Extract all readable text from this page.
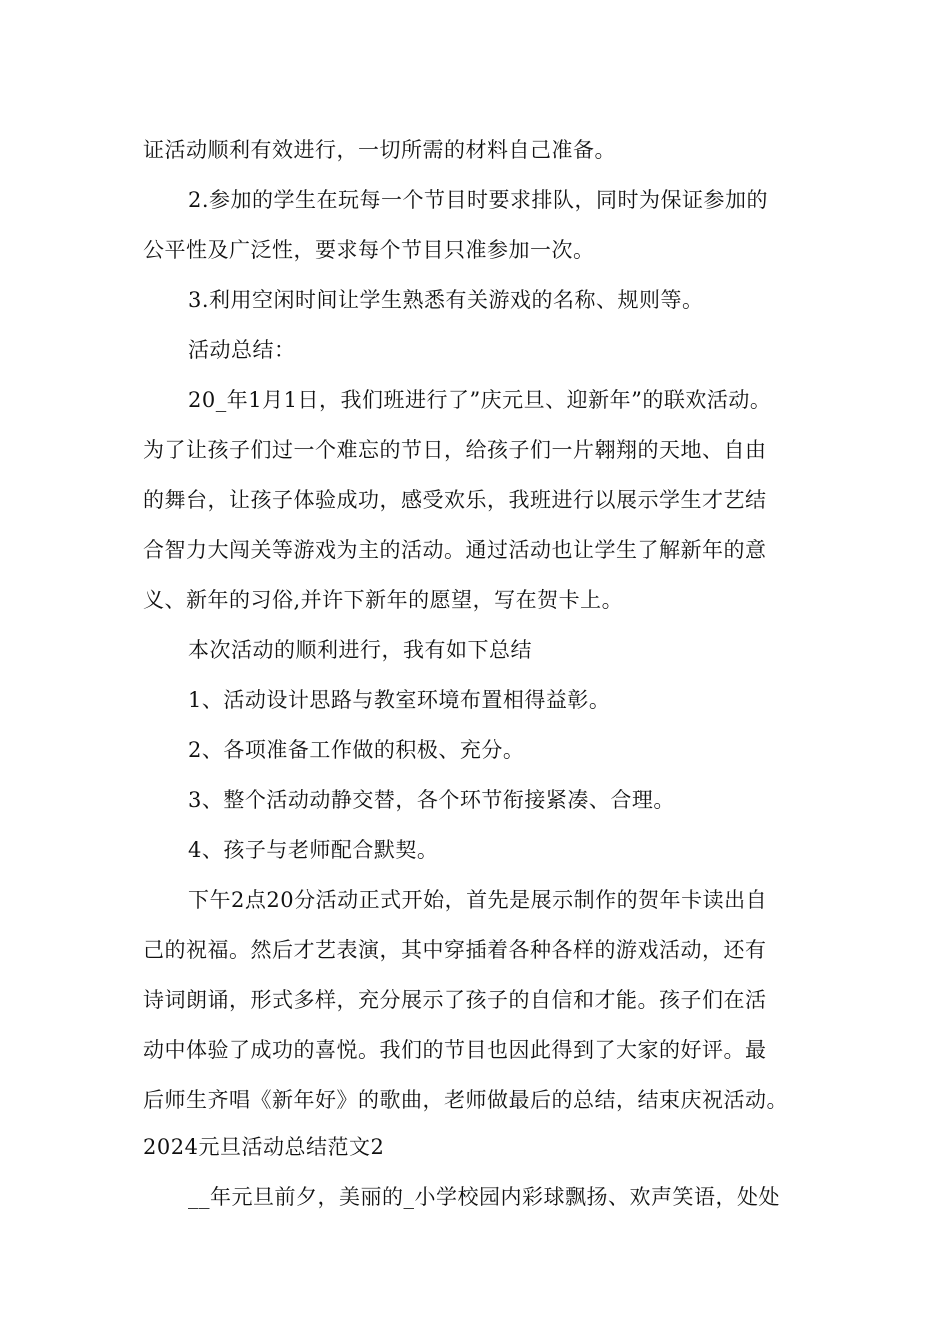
证活动顺利有效进行，一切所需的材料自己准备。
2.参加的学生在玩每一个节目时要求排队，同时为保证参加的
公平性及广泛性，要求每个节目只准参加一次。
3.利用空闲时间让学生熟悉有关游戏的名称、规则等。
活动总结：
20_年1月1日，我们班进行了”庆元旦、迎新年”的联欢活动。
为了让孩子们过一个难忘的节日，给孩子们一片翱翔的天地、自由
的舞台，让孩子体验成功，感受欢乐，我班进行以展示学生才艺结
合智力大闯关等游戏为主的活动。通过活动也让学生了解新年的意
义、新年的习俗,并许下新年的愿望，写在贺卡上。
本次活动的顺利进行，我有如下总结
1、活动设计思路与教室环境布置相得益彰。
2、各项准备工作做的积极、充分。
3、整个活动动静交替，各个环节衔接紧凑、合理。
4、孩子与老师配合默契。
下午2点20分活动正式开始，首先是展示制作的贺年卡读出自
己的祝福。然后才艺表演，其中穿插着各种各样的游戏活动，还有
诗词朗诵，形式多样，充分展示了孩子的自信和才能。孩子们在活
动中体验了成功的喜悦。我们的节目也因此得到了大家的好评。最
后师生齐唱《新年好》的歌曲，老师做最后的总结，结束庆祝活动。
2024元旦活动总结范文2
__年元旦前夕，美丽的_小学校园内彩球飘扬、欢声笑语，处处
